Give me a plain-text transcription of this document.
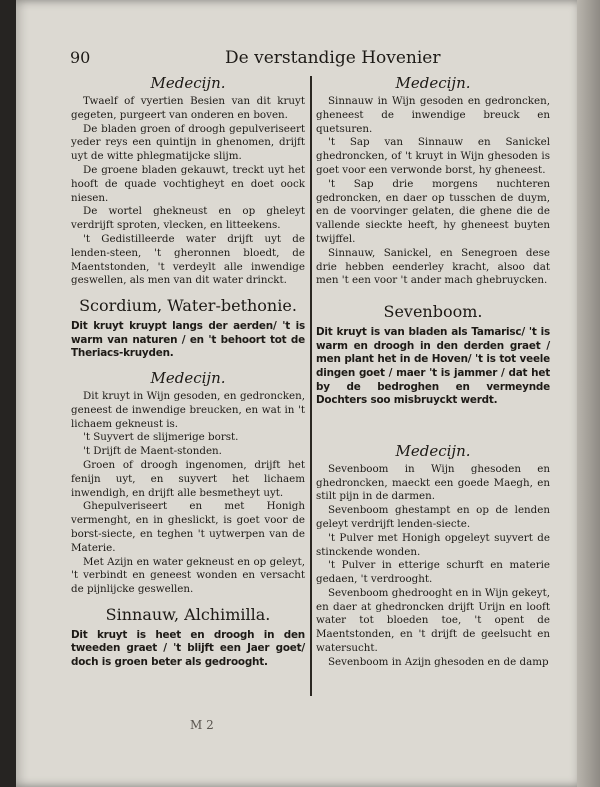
90	De verstandige Hovenier
Medecijn.

Twaelf of vyertien Besien van dit kruyt gegeten, purgeert van onderen en boven.

De bladen groen of droogh gepulveriseert yeder reys een quintijn in ghenomen, drijft uyt de witte phlegmatijcke slijm.

De groene bladen gekauwt, treckt uyt het hooft de quade vochtigheyt en doet oock niesen.

De wortel ghekneust en op gheleyt verdrijft sproten, vlecken, en litteekens.

't Gedistilleerde water drijft uyt de lenden-steen, 't gheronnen bloedt, de Maentstonden, 't verdeylt alle inwendige geswellen, als men van dit water drinckt.

Scordium, Water-bethonie.

Dit kruyt kruypt langs der aerden/ 't is warm van naturen / en 't behoort tot de Theriacs-kruyden.

Medecijn.

Dit kruyt in Wijn gesoden, en gedroncken, geneest de inwendige breucken, en wat in 't lichaem gekneust is.

't Suyvert de slijmerige borst.

't Drijft de Maent-stonden.

Groen of droogh ingenomen, drijft het fenijn uyt, en suyvert het lichaem inwendigh, en drijft alle besmetheyt uyt.

Ghepulveriseert en met Honigh vermenght, en in gheslickt, is goet voor de borst-siecte, en teghen 't uytwerpen van de Materie.

Met Azijn en water gekneust en op geleyt, 't verbindt en geneest wonden en versacht de pijnlijcke geswellen.

Sinnauw, Alchimilla.

Dit kruyt is heet en droogh in den tweeden graet / 't blijft een Jaer goet/ doch is groen beter als gedrooght.

Medecijn.

Sinnauw in Wijn gesoden en gedroncken, gheneest de inwendige breuck en quetsuren.

't Sap van Sinnauw en Sanickel ghedroncken, of 't kruyt in Wijn ghesoden is goet voor een verwonde borst, hy gheneest.

't Sap drie morgens nuchteren gedroncken, en daer op tusschen de duym, en de voorvinger gelaten, die ghene die de vallende sieckte heeft, hy gheneest buyten twijffel.

Sinnauw, Sanickel, en Senegroen dese drie hebben eenderley kracht, alsoo dat men 't een voor 't ander mach ghebruycken.

Sevenboom.

Dit kruyt is van bladen als Tamarisc/ 't is warm en droogh in den derden graet / men plant het in de Hoven/ 't is tot veele dingen goet / maer 't is jammer / dat het by de bedroghen en vermeynde Dochters soo misbruyckt werdt.

Medecijn.

Sevenboom in Wijn ghesoden en ghedroncken, maeckt een goede Maegh, en stilt pijn in de darmen.

Sevenboom ghestampt en op de lenden geleyt verdrijft lenden-siecte.

't Pulver met Honigh opgeleyt suyvert de stinckende wonden.

't Pulver in etterige schurft en materie gedaen, 't verdrooght.

Sevenboom ghedrooght en in Wijn gekeyt, en daer at ghedroncken drijft Urijn en looft water tot bloeden toe, 't opent de Maentstonden, en 't drijft de geelsucht en watersucht.

Sevenboom in Azijn ghesoden en de damp

M 2
